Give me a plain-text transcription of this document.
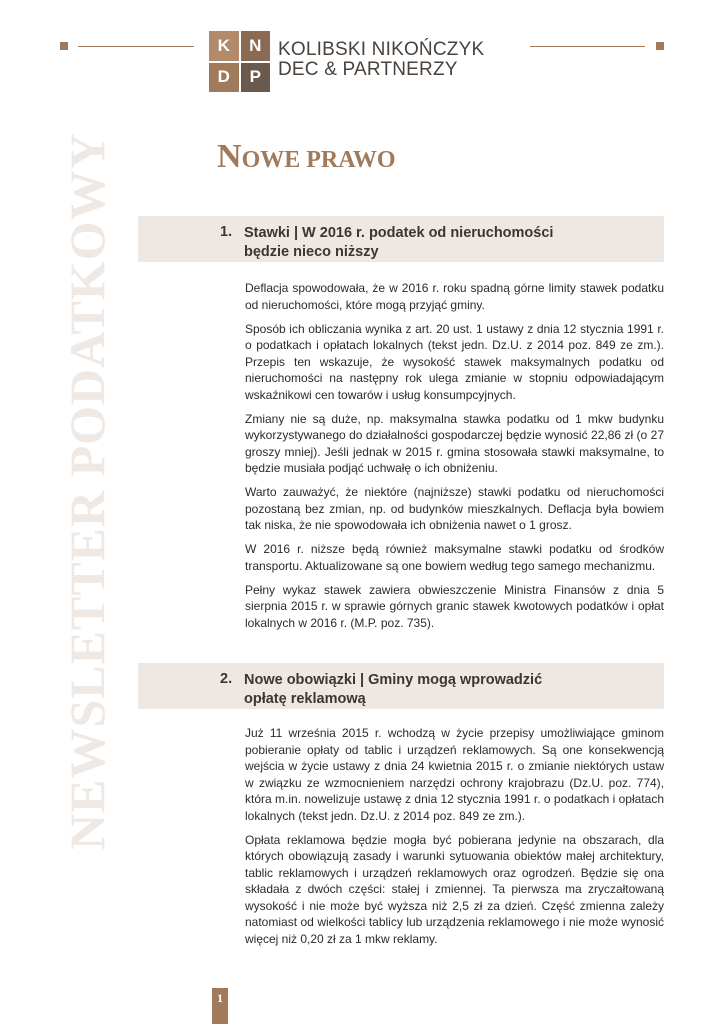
K	N
D	P
KOLIBSKI NIKOŃCZYK
DEC & PARTNERZY
NEWSLETTER PODATKOWY	NOWE PRAWO
1. Stawki | W 2016 r. podatek od nieruchomości
będzie nieco niższy

Deflacja spowodowała, że w 2016 r. roku spadną górne limity stawek podatku od nieruchomości, które mogą przyjąć gminy.

Sposób ich obliczania wynika z art. 20 ust. 1 ustawy z dnia 12 stycznia 1991 r. o podatkach i opłatach lokalnych (tekst jedn. Dz.U. z 2014 poz. 849 ze zm.). Przepis ten wskazuje, że wysokość stawek maksymalnych podatku od nieruchomości na następny rok ulega zmianie w stopniu odpowiadającym wskaźnikowi cen towarów i usług konsumpcyjnych.

Zmiany nie są duże, np. maksymalna stawka podatku od 1 mkw budynku wykorzystywanego do działalności gospodarczej będzie wynosić 22,86 zł (o 27 groszy mniej). Jeśli jednak w 2015 r. gmina stosowała stawki maksymalne, to będzie musiała podjąć uchwałę o ich obniżeniu.

Warto zauważyć, że niektóre (najniższe) stawki podatku od nieruchomości pozostaną bez zmian, np. od budynków mieszkalnych. Deflacja była bowiem tak niska, że nie spowodowała ich obniżenia nawet o 1 grosz.

W 2016 r. niższe będą również maksymalne stawki podatku od środków transportu. Aktualizowane są one bowiem według tego samego mechanizmu.

Pełny wykaz stawek zawiera obwieszczenie Ministra Finansów z dnia 5 sierpnia 2015 r. w sprawie górnych granic stawek kwotowych podatków i opłat lokalnych w 2016 r. (M.P. poz. 735).

2. Nowe obowiązki | Gminy mogą wprowadzić
opłatę reklamową

Już 11 września 2015 r. wchodzą w życie przepisy umożliwiające gminom pobieranie opłaty od tablic i urządzeń reklamowych. Są one konsekwencją wejścia w życie ustawy z dnia 24 kwietnia 2015 r. o zmianie niektórych ustaw w związku ze wzmocnieniem narzędzi ochrony krajobrazu (Dz.U. poz. 774), która m.in. nowelizuje ustawę z dnia 12 stycznia 1991 r. o podatkach i opłatach lokalnych (tekst jedn. Dz.U. z 2014 poz. 849 ze zm.).

Opłata reklamowa będzie mogła być pobierana jedynie na obszarach, dla których obowiązują zasady i warunki sytuowania obiektów małej architektury, tablic reklamowych i urządzeń reklamowych oraz ogrodzeń. Będzie się ona składała z dwóch części: stałej i zmiennej. Ta pierwsza ma zryczałtowaną wysokość i nie może być wyższa niż 2,5 zł za dzień. Część zmienna zależy natomiast od wielkości tablicy lub urządzenia reklamowego i nie może wynosić więcej niż 0,20 zł za 1 mkw reklamy.

1
